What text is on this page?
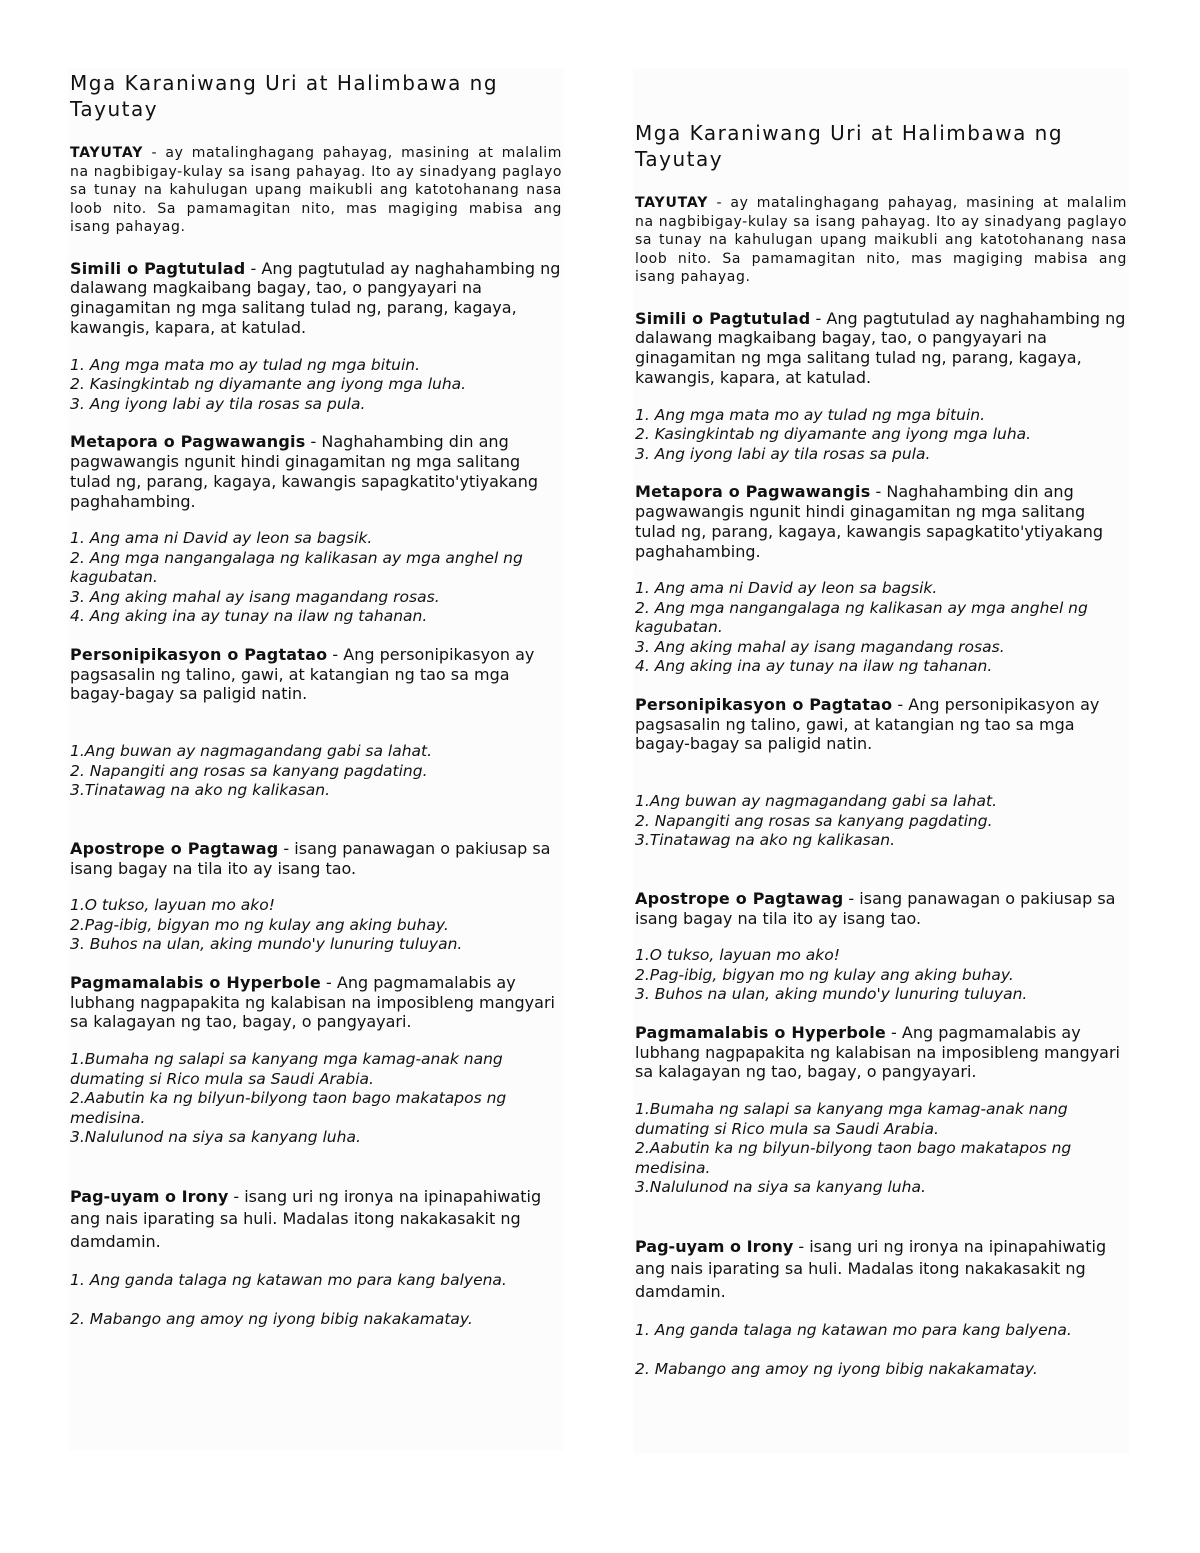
Mga Karaniwang Uri at Halimbawa ng Tayutay

TAYUTAY - ay matalinghagang pahayag, masining at malalim na nagbibigay-kulay sa isang pahayag. Ito ay sinadyang paglayo sa tunay na kahulugan upang maikubli ang katotohanang nasa loob nito. Sa pamamagitan nito, mas magiging mabisa ang isang pahayag.

Simili o Pagtutulad - Ang pagtutulad ay naghahambing ng dalawang magkaibang bagay, tao, o pangyayari na ginagamitan ng mga salitang tulad ng, parang, kagaya, kawangis, kapara, at katulad.

1. Ang mga mata mo ay tulad ng mga bituin.
2. Kasingkintab ng diyamante ang iyong mga luha.
3. Ang iyong labi ay tila rosas sa pula.

Metapora o Pagwawangis - Naghahambing din ang pagwawangis ngunit hindi ginagamitan ng mga salitang tulad ng, parang, kagaya, kawangis sapagkatito'ytiyakang paghahambing.

1. Ang ama ni David ay leon sa bagsik.
2. Ang mga nangangalaga ng kalikasan ay mga anghel ng kagubatan.
3. Ang aking mahal ay isang magandang rosas.
4. Ang aking ina ay tunay na ilaw ng tahanan.

Personipikasyon o Pagtatao - Ang personipikasyon ay pagsasalin ng talino, gawi, at katangian ng tao sa mga bagay-bagay sa paligid natin.

1.Ang buwan ay nagmagandang gabi sa lahat.
2. Napangiti ang rosas sa kanyang pagdating.
3.Tinatawag na ako ng kalikasan.

Apostrope o Pagtawag - isang panawagan o pakiusap sa isang bagay na tila ito ay isang tao.

1.O tukso, layuan mo ako!
2.Pag-ibig, bigyan mo ng kulay ang aking buhay.
3. Buhos na ulan, aking mundo'y lunuring tuluyan.

Pagmamalabis o Hyperbole - Ang pagmamalabis ay lubhang nagpapakita ng kalabisan na imposibleng mangyari sa kalagayan ng tao, bagay, o pangyayari.

1.Bumaha ng salapi sa kanyang mga kamag-anak nang dumating si Rico mula sa Saudi Arabia.
2.Aabutin ka ng bilyun-bilyong taon bago makatapos ng medisina.
3.Nalulunod na siya sa kanyang luha.

Pag-uyam o Irony - isang uri ng ironya na ipinapahiwatig ang nais iparating sa huli. Madalas itong nakakasakit ng damdamin.

1. Ang ganda talaga ng katawan mo para kang balyena.

2. Mabango ang amoy ng iyong bibig nakakamatay.

Mga Karaniwang Uri at Halimbawa ng Tayutay

TAYUTAY - ay matalinghagang pahayag, masining at malalim na nagbibigay-kulay sa isang pahayag. Ito ay sinadyang paglayo sa tunay na kahulugan upang maikubli ang katotohanang nasa loob nito. Sa pamamagitan nito, mas magiging mabisa ang isang pahayag.

Simili o Pagtutulad - Ang pagtutulad ay naghahambing ng dalawang magkaibang bagay, tao, o pangyayari na ginagamitan ng mga salitang tulad ng, parang, kagaya, kawangis, kapara, at katulad.

1. Ang mga mata mo ay tulad ng mga bituin.
2. Kasingkintab ng diyamante ang iyong mga luha.
3. Ang iyong labi ay tila rosas sa pula.

Metapora o Pagwawangis - Naghahambing din ang pagwawangis ngunit hindi ginagamitan ng mga salitang tulad ng, parang, kagaya, kawangis sapagkatito'ytiyakang paghahambing.

1. Ang ama ni David ay leon sa bagsik.
2. Ang mga nangangalaga ng kalikasan ay mga anghel ng kagubatan.
3. Ang aking mahal ay isang magandang rosas.
4. Ang aking ina ay tunay na ilaw ng tahanan.

Personipikasyon o Pagtatao - Ang personipikasyon ay pagsasalin ng talino, gawi, at katangian ng tao sa mga bagay-bagay sa paligid natin.

1.Ang buwan ay nagmagandang gabi sa lahat.
2. Napangiti ang rosas sa kanyang pagdating.
3.Tinatawag na ako ng kalikasan.

Apostrope o Pagtawag - isang panawagan o pakiusap sa isang bagay na tila ito ay isang tao.

1.O tukso, layuan mo ako!
2.Pag-ibig, bigyan mo ng kulay ang aking buhay.
3. Buhos na ulan, aking mundo'y lunuring tuluyan.

Pagmamalabis o Hyperbole - Ang pagmamalabis ay lubhang nagpapakita ng kalabisan na imposibleng mangyari sa kalagayan ng tao, bagay, o pangyayari.

1.Bumaha ng salapi sa kanyang mga kamag-anak nang dumating si Rico mula sa Saudi Arabia.
2.Aabutin ka ng bilyun-bilyong taon bago makatapos ng medisina.
3.Nalulunod na siya sa kanyang luha.

Pag-uyam o Irony - isang uri ng ironya na ipinapahiwatig ang nais iparating sa huli. Madalas itong nakakasakit ng damdamin.

1. Ang ganda talaga ng katawan mo para kang balyena.

2. Mabango ang amoy ng iyong bibig nakakamatay.
